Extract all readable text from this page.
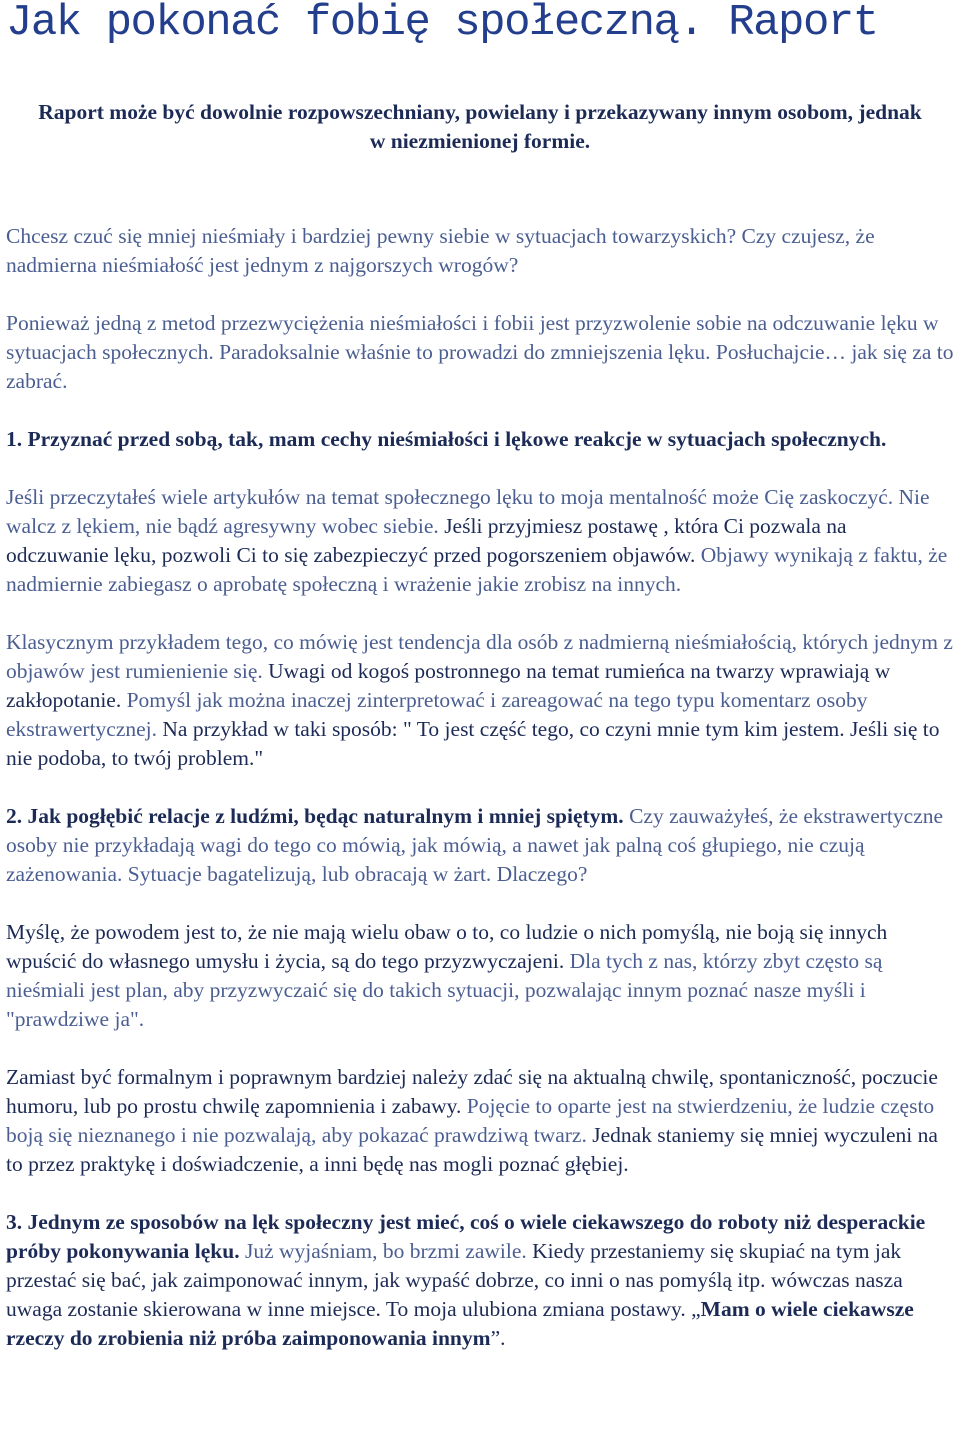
Jak pokonać fobię społeczną. Raport
Raport może być dowolnie rozpowszechniany, powielany i przekazywany innym osobom, jednak w niezmienionej formie.

Chcesz czuć się mniej nieśmiały i bardziej pewny siebie w sytuacjach towarzyskich? Czy czujesz, że nadmierna nieśmiałość jest jednym z najgorszych wrogów?

Ponieważ jedną z metod przezwyciężenia nieśmiałości i fobii jest przyzwolenie sobie na odczuwanie lęku w sytuacjach społecznych. Paradoksalnie właśnie to prowadzi do zmniejszenia lęku. Posłuchajcie… jak się za to zabrać.

1. Przyznać przed sobą, tak, mam cechy nieśmiałości i lękowe reakcje w sytuacjach społecznych.

Jeśli przeczytałeś wiele artykułów na temat społecznego lęku to moja mentalność może Cię zaskoczyć. Nie walcz z lękiem, nie bądź agresywny wobec siebie. Jeśli przyjmiesz postawę , która Ci pozwala na odczuwanie lęku, pozwoli Ci to się zabezpieczyć przed pogorszeniem objawów. Objawy wynikają z faktu, że nadmiernie zabiegasz o aprobatę społeczną i wrażenie jakie zrobisz na innych.

Klasycznym przykładem tego, co mówię jest tendencja dla osób z nadmierną nieśmiałością, których jednym z objawów jest rumienienie się. Uwagi od kogoś postronnego na temat rumieńca na twarzy wprawiają w zakłopotanie. Pomyśl jak można inaczej zinterpretować i zareagować na tego typu komentarz osoby ekstrawertycznej. Na przykład w taki sposób: " To jest część tego, co czyni mnie tym kim jestem. Jeśli się to nie podoba, to twój problem."

2. Jak pogłębić relacje z ludźmi, będąc naturalnym i mniej spiętym. Czy zauważyłeś, że ekstrawertyczne osoby nie przykładają wagi do tego co mówią, jak mówią, a nawet jak palną coś głupiego, nie czują zażenowania. Sytuacje bagatelizują, lub obracają w żart. Dlaczego?

Myślę, że powodem jest to, że nie mają wielu obaw o to, co ludzie o nich pomyślą, nie boją się innych wpuścić do własnego umysłu i życia, są do tego przyzwyczajeni. Dla tych z nas, którzy zbyt często są nieśmiali jest plan, aby przyzwyczaić się do takich sytuacji, pozwalając innym poznać nasze myśli i "prawdziwe ja".

Zamiast być formalnym i poprawnym bardziej należy zdać się na aktualną chwilę, spontaniczność, poczucie humoru, lub po prostu chwilę zapomnienia i zabawy. Pojęcie to oparte jest na stwierdzeniu, że ludzie często boją się nieznanego i nie pozwalają, aby pokazać prawdziwą twarz. Jednak staniemy się mniej wyczuleni na to przez praktykę i doświadczenie, a inni będę nas mogli poznać głębiej.

3. Jednym ze sposobów na lęk społeczny jest mieć, coś o wiele ciekawszego do roboty niż desperackie próby pokonywania lęku. Już wyjaśniam, bo brzmi zawile. Kiedy przestaniemy się skupiać na tym jak przestać się bać, jak zaimponować innym, jak wypaść dobrze, co inni o nas pomyślą itp. wówczas nasza uwaga zostanie skierowana w inne miejsce. To moja ulubiona zmiana postawy. „Mam o wiele ciekawsze rzeczy do zrobienia niż próba zaimponowania innym”.
